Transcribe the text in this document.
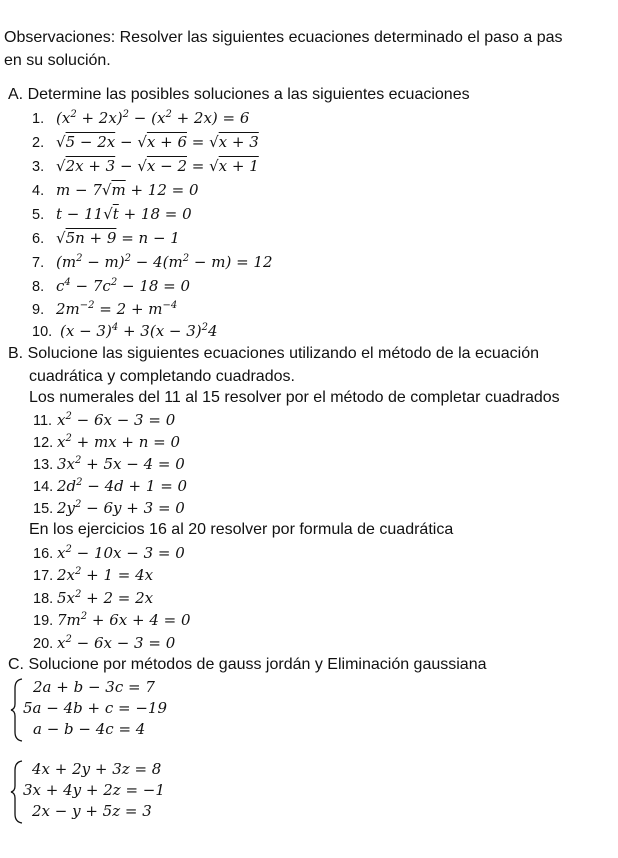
Observaciones: Resolver las siguientes ecuaciones determinado el paso a pas
en su solución.
A. Determine las posibles soluciones a las siguientes ecuaciones
1. $(x^2 + 2x)^2 - (x^2 + 2x) = 6$
2. √5 − 2x − √x + 6 = √x + 3
3. √2x + 3 − √x − 2 = √x + 1
4. m − 7√m + 12 = 0
5. t − 11√t + 18 = 0
6. √5n + 9 = n − 1
7. $(m^2 - m)^2 - 4(m^2 - m) = 12$
8. $c^4 - 7c^2 - 18 = 0$
9. $2m^{-2} = 2 + m^{-4}$
10. $(x - 3)^4 + 3(x - 3)^24$
B. Solucione las siguientes ecuaciones utilizando el método de la ecuación
cuadrática y completando cuadrados.
Los numerales del 11 al 15 resolver por el método de completar cuadrados
11. $x^2 - 6x - 3 = 0$
12. $x^2$ + mx + n = 0
13. $3x^2 + 5x - 4 = 0$
14. $2d^2 - 4d + 1 = 0$
15. $2y^2 - 6y + 3 = 0$
En los ejercicios 16 al 20 resolver por formula de cuadrática
16. $x^2 - 10x - 3 = 0$
17. $2x^2 + 1 = 4x$
18. $5x^2 + 2 = 2x$
19. $7m^2 + 6x + 4 = 0$
20. $x^2 - 6x - 3 = 0$
C. Solucione por métodos de gauss jordán y Eliminación gaussiana
2a + b − 3c = 7
5a − 4b + c = −19
a − b − 4c = 4
4x + 2y + 3z = 8
3x + 4y + 2z = −1
2x − y + 5z = 3
